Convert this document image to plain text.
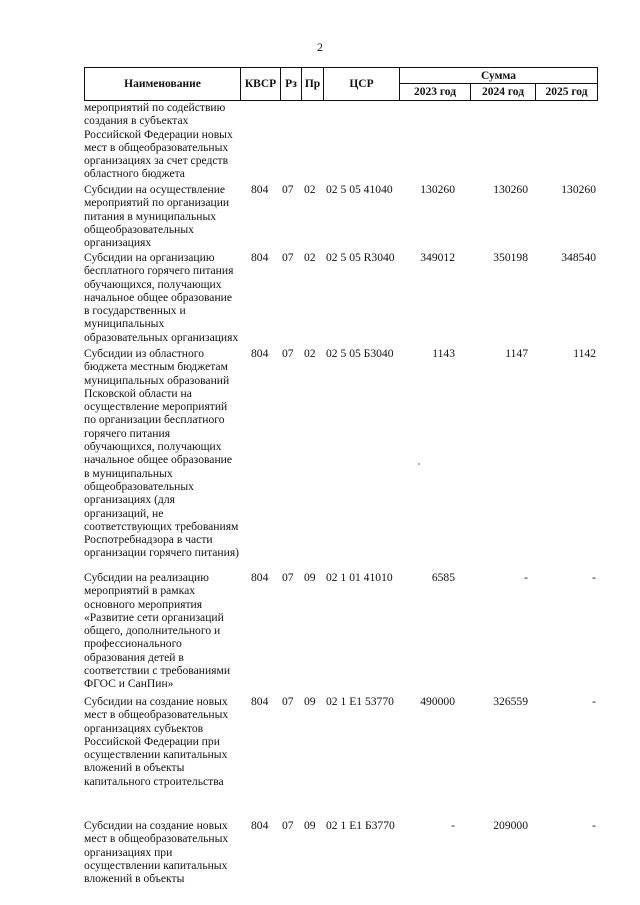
2
Наименование	КВСР Рз Пр	ЦСР
Сумма
2023 год	2024 год	2025 год
мероприятий по содействию
создания в субъектах
Российской Федерации новых
мест в общеобразовательных
организациях за счет средств
областного бюджета
Субсидии на осуществление
мероприятий по организации
питания в муниципальных
общеобразовательных
организациях
804 07 02 02 5 05 41040	130260	130260	130260
Субсидии на организацию
бесплатного горячего питания
обучающихся, получающих
начальное общее образование
в государственных и
муниципальных
образовательных организациях
804 07 02 02 5 05 R3040	349012	350198	348540
Субсидии из областного
бюджета местным бюджетам
муниципальных образований
Псковской области на
осуществление мероприятий
по организации бесплатного
горячего питания
обучающихся, получающих
начальное общее образование
в муниципальных
общеобразовательных
организациях (для
организаций, не
соответствующих требованиям
Роспотребнадзора в части
организации горячего питания)
804 07 02 02 5 05 Б3040	1143	1147	1142
Субсидии на реализацию
мероприятий в рамках
основного мероприятия
«Развитие сети организаций
общего, дополнительного и
профессионального
образования детей в
соответствии с требованиями
ФГОС и СанПин»
804 07 09 02 1 01 41010	6585	-	-
Субсидии на создание новых
мест в общеобразовательных
организациях субъектов
Российской Федерации при
осуществлении капитальных
вложений в объекты
капитального строительства
804 07 09 02 1 E1 53770	490000	326559	-
Субсидии на создание новых
мест в общеобразовательных
организациях при
осуществлении капитальных
вложений в объекты
804 07 09 02 1 E1 Б3770	-	209000	-
